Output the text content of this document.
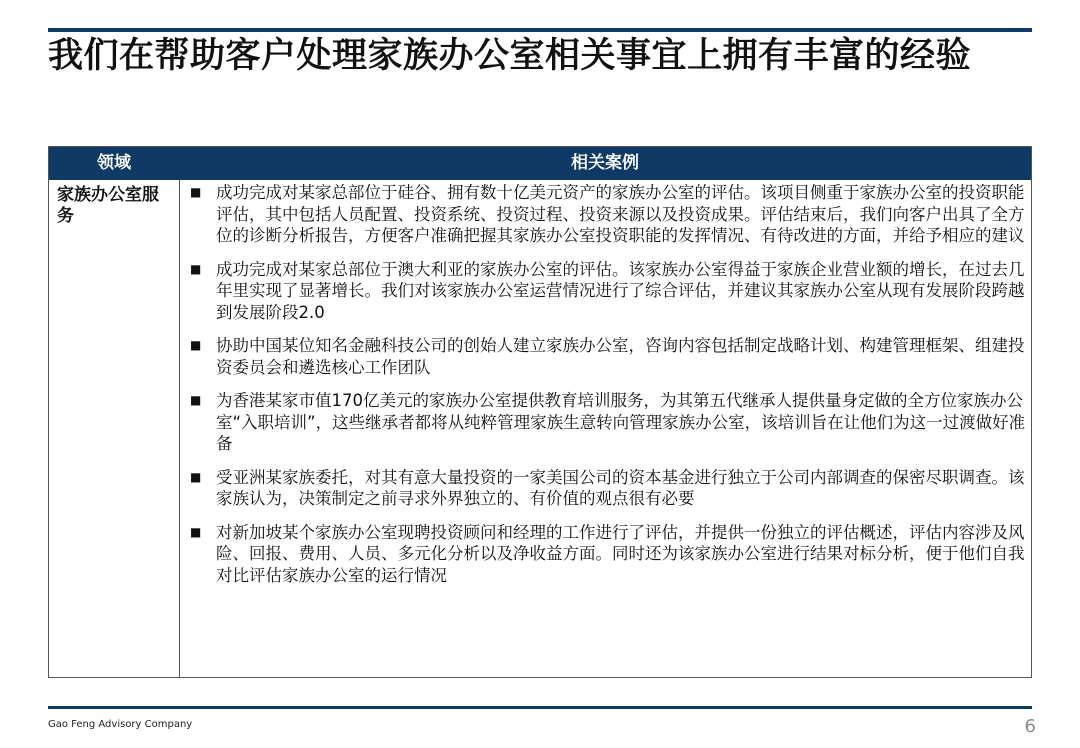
我们在帮助客户处理家族办公室相关事宜上拥有丰富的经验
领域	相关案例
家族办公室服务
■ 成功完成对某家总部位于硅谷、拥有数十亿美元资产的家族办公室的评估。该项目侧重于家族办公室的投资职能评估，其中包括人员配置、投资系统、投资过程、投资来源以及投资成果。评估结束后，我们向客户出具了全方位的诊断分析报告，方便客户准确把握其家族办公室投资职能的发挥情况、有待改进的方面，并给予相应的建议
■ 成功完成对某家总部位于澳大利亚的家族办公室的评估。该家族办公室得益于家族企业营业额的增长，在过去几年里实现了显著增长。我们对该家族办公室运营情况进行了综合评估，并建议其家族办公室从现有发展阶段跨越到发展阶段2.0
■ 协助中国某位知名金融科技公司的创始人建立家族办公室，咨询内容包括制定战略计划、构建管理框架、组建投资委员会和遴选核心工作团队
■ 为香港某家市值170亿美元的家族办公室提供教育培训服务，为其第五代继承人提供量身定做的全方位家族办公室“入职培训”，这些继承者都将从纯粹管理家族生意转向管理家族办公室，该培训旨在让他们为这一过渡做好准备
■ 受亚洲某家族委托，对其有意大量投资的一家美国公司的资本基金进行独立于公司内部调查的保密尽职调查。该家族认为，决策制定之前寻求外界独立的、有价值的观点很有必要
■ 对新加坡某个家族办公室现聘投资顾问和经理的工作进行了评估，并提供一份独立的评估概述，评估内容涉及风险、回报、费用、人员、多元化分析以及净收益方面。同时还为该家族办公室进行结果对标分析，便于他们自我对比评估家族办公室的运行情况
Gao Feng Advisory Company	6
